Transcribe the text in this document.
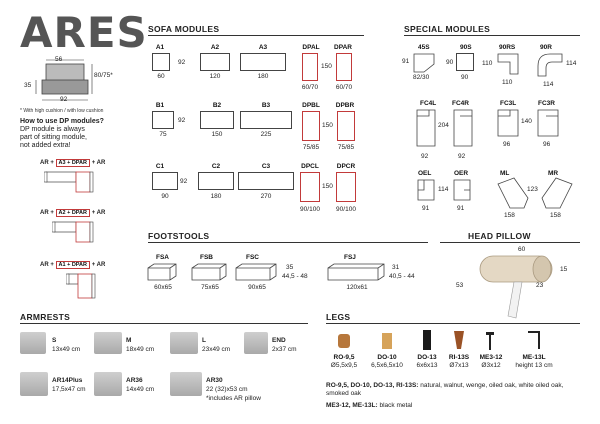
ARES
56
80/75*
35
92
* With high cushion / with low cushion
How to use DP modules?
DP module is always
part of sitting module,
not added extra!
AR + A3 + DPAR + AR
AR + A2 + DPAR + AR
AR + A1 + DPAR + AR
SOFA MODULES
A1
60
92
A2
120
A3
180
DPAL
150
DPAR
60/70	60/70
B1
75
92
B2
150
B3
225
DPBL
150
DPBR
75/85	75/85
C1
90
92
C2
180
C3
270
DPCL
150
DPCR
90/100	90/100
SPECIAL MODULES
45S
91
82/30
90S
90
90
90RS
110
110
90R
114
114
FC4L
204
FC4R
92	92
FC3L
140
FC3R
96	96
OEL
114
OER
91	91
ML
123
MR
158	158
FOOTSTOOLS
FSA
60x65
FSB
75x65
FSC
90x65
35
44,5 - 48
FSJ
120x61
31
40,5 - 44
HEAD PILLOW
60
15
53	23
ARMRESTS
S
13x49 cm
M
18x49 cm
L
23x49 cm
END
2x37 cm
AR14Plus
17,5x47 cm
AR36
14x49 cm
AR30
22 (32)x53 cm
*includes AR pillow
LEGS
RO-9,5
Ø5,5x9,5
DO-10
6,5x6,5x10
DO-13
6x6x13
RI-13S
Ø7x13
ME3-12
Ø3x12
ME-13L
height 13 cm
RO-9,5, DO-10, DO-13, RI-13S: natural, walnut, wenge, oiled oak, white oiled oak, smoked oak
ME3-12, ME-13L: black metal
